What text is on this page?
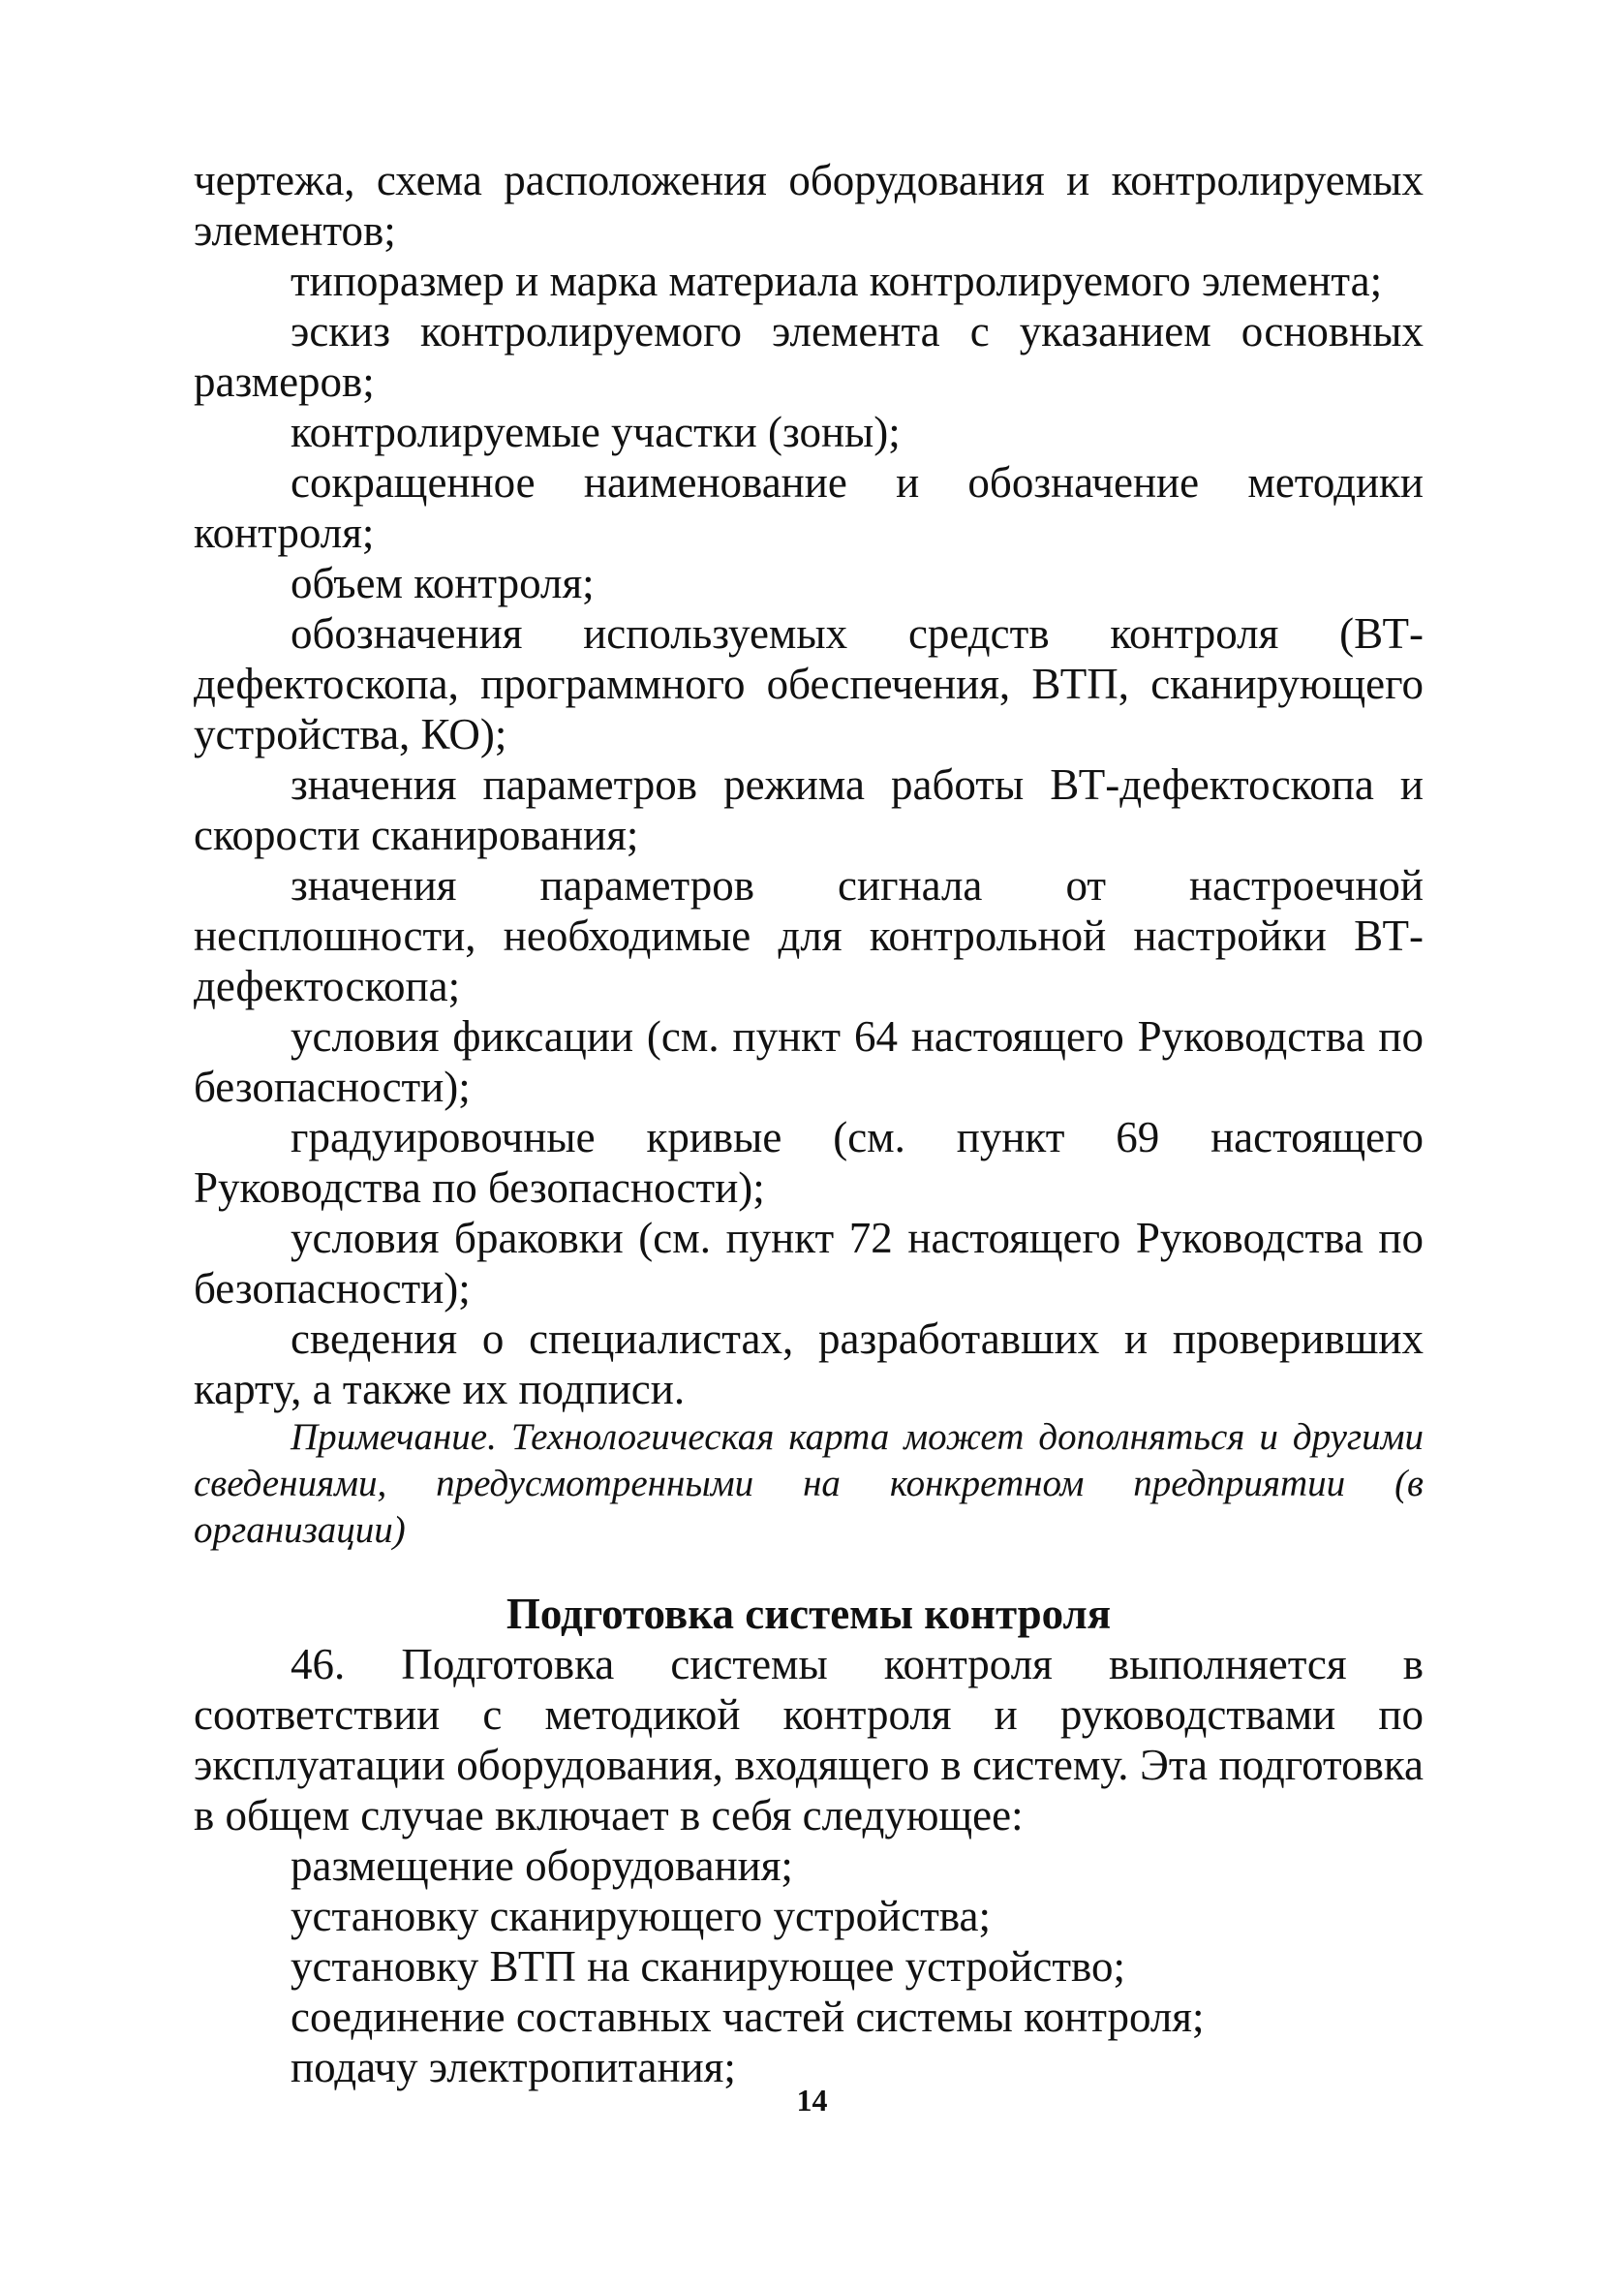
чертежа, схема расположения оборудования и контролируемых элементов;

типоразмер и марка материала контролируемого элемента;

эскиз контролируемого элемента с указанием основных размеров;

контролируемые участки (зоны);

сокращенное наименование и обозначение методики контроля;

объем контроля;

обозначения используемых средств контроля (ВТ-дефектоскопа, программного обеспечения, ВТП, сканирующего устройства, КО);

значения параметров режима работы ВТ-дефектоскопа и скорости сканирования;

значения параметров сигнала от настроечной несплошности, необходимые для контрольной настройки ВТ-дефектоскопа;

условия фиксации (см. пункт 64 настоящего Руководства по безопасности);

градуировочные кривые (см. пункт 69 настоящего Руководства по безопасности);

условия браковки (см. пункт 72 настоящего Руководства по безопасности);

сведения о специалистах, разработавших и проверивших карту, а также их подписи.

Примечание. Технологическая карта может дополняться и другими сведениями, предусмотренными на конкретном предприятии (в организации)

Подготовка системы контроля

46. Подготовка системы контроля выполняется в соответствии с методикой контроля и руководствами по эксплуатации оборудования, входящего в систему. Эта подготовка в общем случае включает в себя следующее:

размещение оборудования;

установку сканирующего устройства;

установку ВТП на сканирующее устройство;

соединение составных частей системы контроля;

подачу электропитания;

14
